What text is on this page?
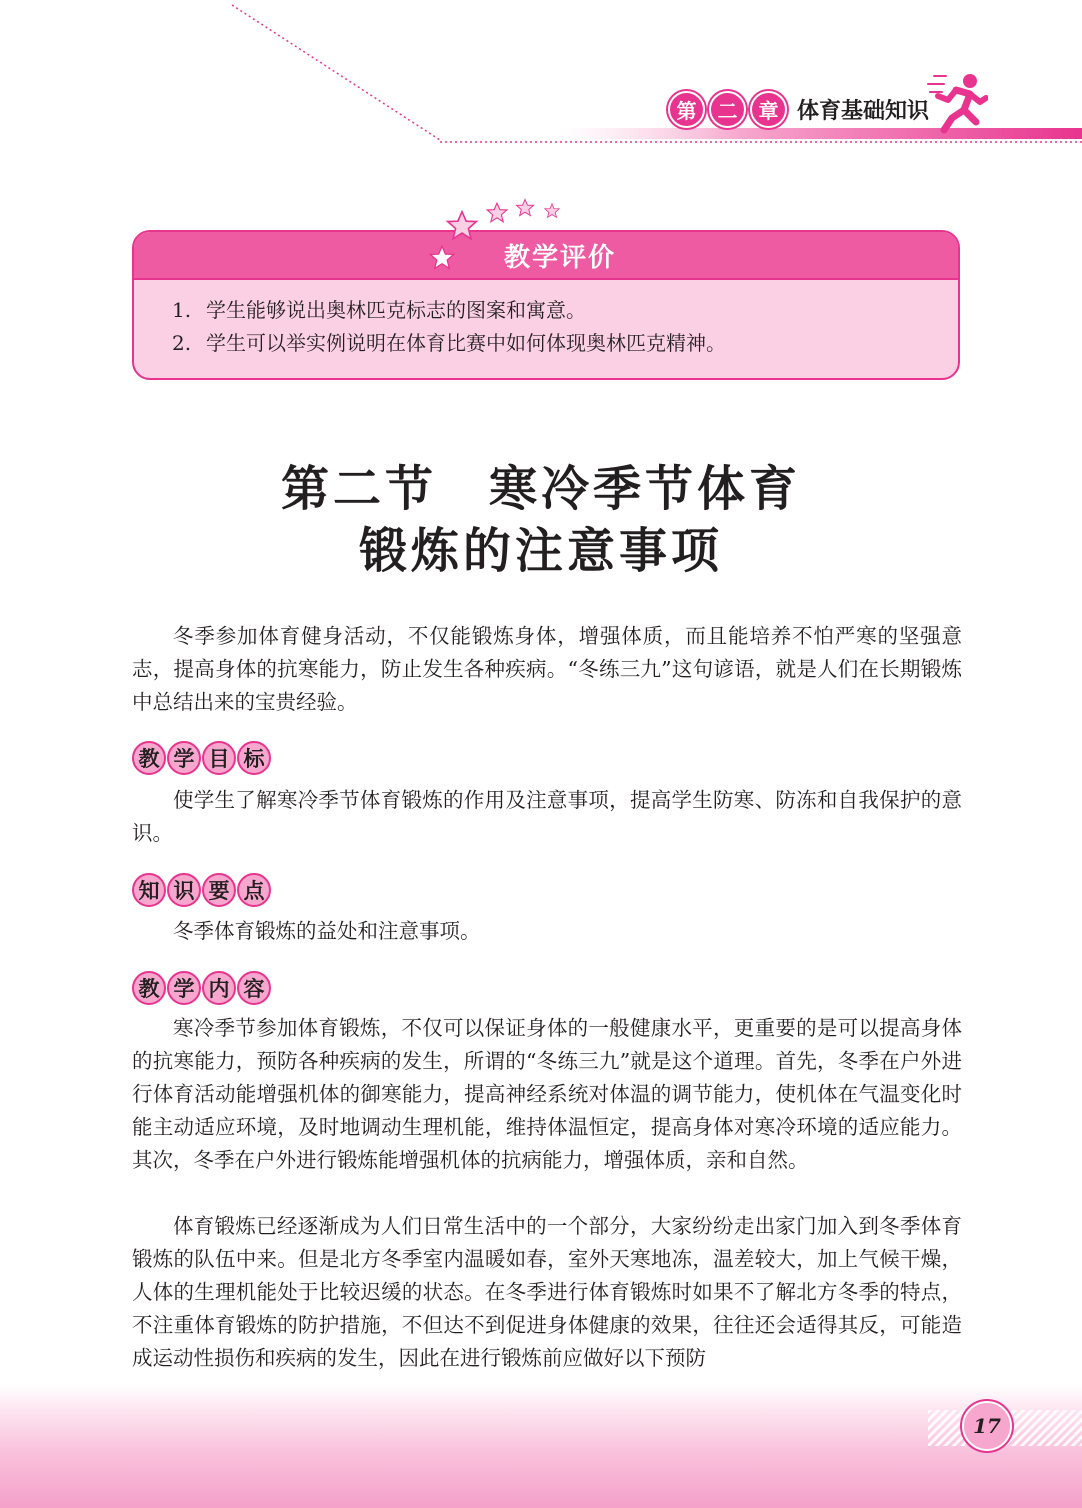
第	二	章 体育基础知识
教学评价
1. 学生能够说出奥林匹克标志的图案和寓意。
2. 学生可以举实例说明在体育比赛中如何体现奥林匹克精神。
第二节　寒冷季节体育
锻炼的注意事项

冬季参加体育健身活动，不仅能锻炼身体，增强体质，而且能培养不怕严寒的坚强意志，提高身体的抗寒能力，防止发生各种疾病。“冬练三九”这句谚语，就是人们在长期锻炼中总结出来的宝贵经验。

教 学 目 标

使学生了解寒冷季节体育锻炼的作用及注意事项，提高学生防寒、防冻和自我保护的意识。

知 识 要 点

冬季体育锻炼的益处和注意事项。

教 学 内 容

寒冷季节参加体育锻炼，不仅可以保证身体的一般健康水平，更重要的是可以提高身体的抗寒能力，预防各种疾病的发生，所谓的“冬练三九”就是这个道理。首先，冬季在户外进行体育活动能增强机体的御寒能力，提高神经系统对体温的调节能力，使机体在气温变化时能主动适应环境，及时地调动生理机能，维持体温恒定，提高身体对寒冷环境的适应能力。其次，冬季在户外进行锻炼能增强机体的抗病能力，增强体质，亲和自然。

体育锻炼已经逐渐成为人们日常生活中的一个部分，大家纷纷走出家门加入到冬季体育锻炼的队伍中来。但是北方冬季室内温暖如春，室外天寒地冻，温差较大，加上气候干燥，人体的生理机能处于比较迟缓的状态。在冬季进行体育锻炼时如果不了解北方冬季的特点，不注重体育锻炼的防护措施，不但达不到促进身体健康的效果，往往还会适得其反，可能造成运动性损伤和疾病的发生，因此在进行锻炼前应做好以下预防

17
